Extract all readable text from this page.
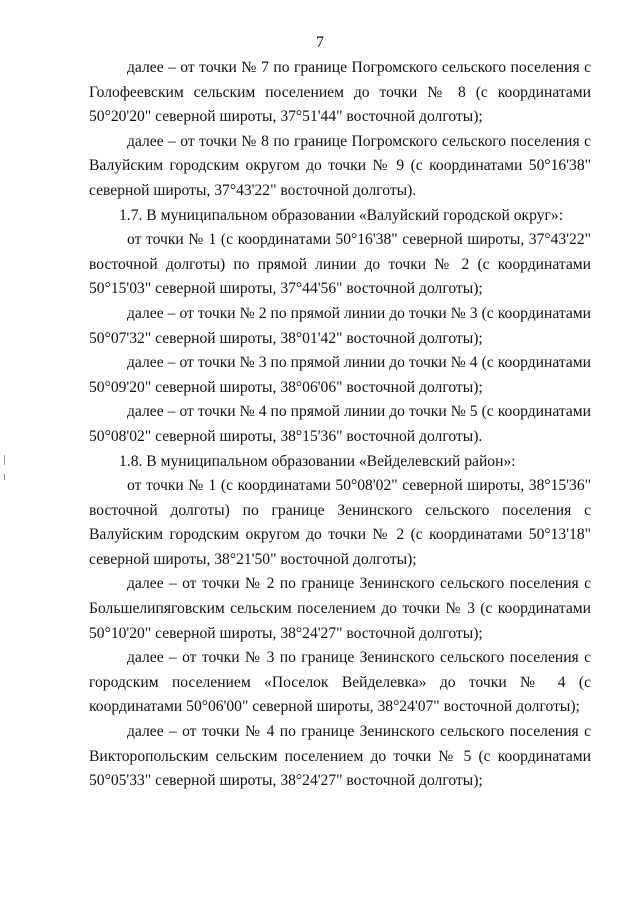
7

далее – от точки № 7 по границе Погромского сельского поселения с Голофеевским сельским поселением до точки № 8 (с координатами 50°20'20" северной широты, 37°51'44" восточной долготы);

далее – от точки № 8 по границе Погромского сельского поселения с Валуйским городским округом до точки № 9 (с координатами 50°16'38" северной широты, 37°43'22" восточной долготы).

1.7. В муниципальном образовании «Валуйский городской округ»:

от точки № 1 (с координатами 50°16'38" северной широты, 37°43'22" восточной долготы) по прямой линии до точки № 2 (с координатами 50°15'03" северной широты, 37°44'56" восточной долготы);

далее – от точки № 2 по прямой линии до точки № 3 (с координатами 50°07'32" северной широты, 38°01'42" восточной долготы);

далее – от точки № 3 по прямой линии до точки № 4 (с координатами 50°09'20" северной широты, 38°06'06" восточной долготы);

далее – от точки № 4 по прямой линии до точки № 5 (с координатами 50°08'02" северной широты, 38°15'36" восточной долготы).

1.8. В муниципальном образовании «Вейделевский район»:

от точки № 1 (с координатами 50°08'02" северной широты, 38°15'36" восточной долготы) по границе Зенинского сельского поселения с Валуйским городским округом до точки № 2 (с координатами 50°13'18" северной широты, 38°21'50" восточной долготы);

далее – от точки № 2 по границе Зенинского сельского поселения с Большелипяговским сельским поселением до точки № 3 (с координатами 50°10'20" северной широты, 38°24'27" восточной долготы);

далее – от точки № 3 по границе Зенинского сельского поселения с городским поселением «Поселок Вейделевка» до точки № 4 (с координатами 50°06'00" северной широты, 38°24'07" восточной долготы);

далее – от точки № 4 по границе Зенинского сельского поселения с Викторопольским сельским поселением до точки № 5 (с координатами 50°05'33" северной широты, 38°24'27" восточной долготы);
